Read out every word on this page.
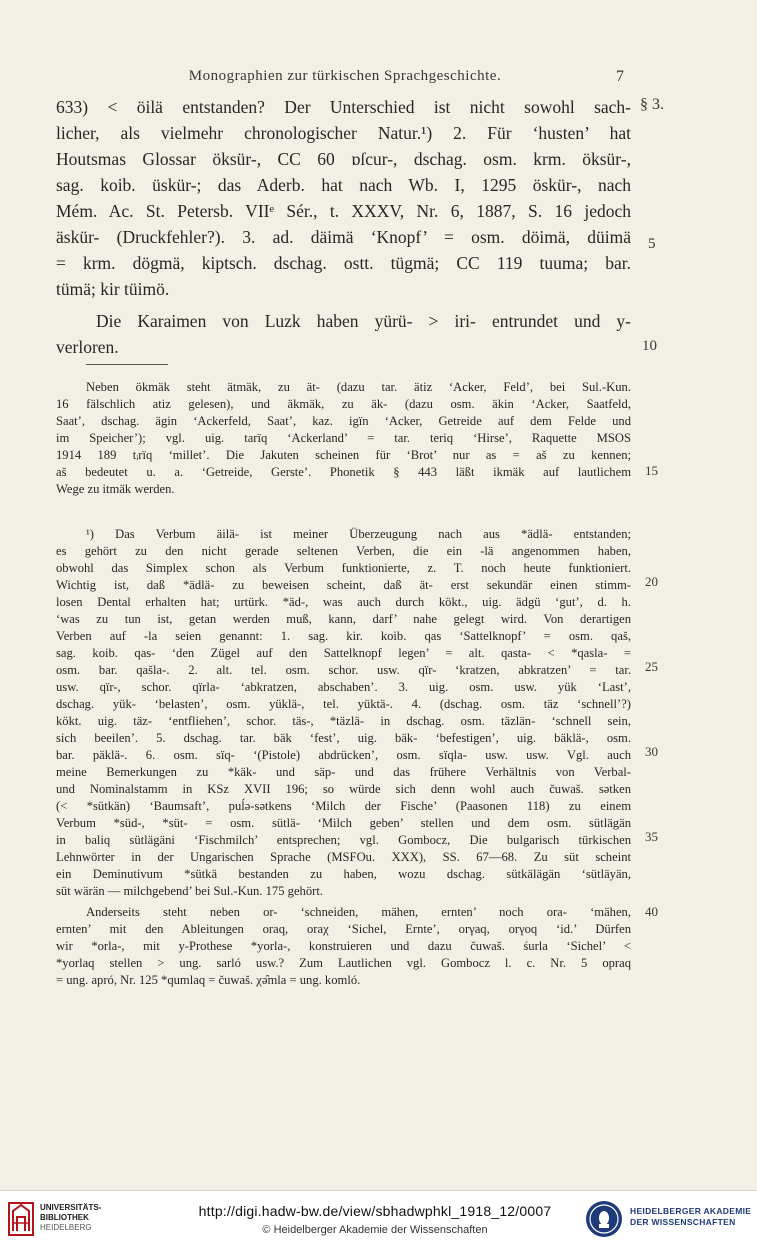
Monographien zur türkischen Sprachgeschichte.	7
§ 3.
633) < öilä entstanden? Der Unterschied ist nicht sowohl sach-
licher, als vielmehr chronologischer Natur.¹) 2. Für ‘husten’ hat
Houtsmas Glossar öksür-, CC 60 ɒſcur-, dschag. osm. krm. öksür-,
sag. koib. üskür-; das Aderb. hat nach Wb. I, 1295 öskür-, nach
Mém. Ac. St. Petersb. VIIᵉ Sér., t. XXXV, Nr. 6, 1887, S. 16 jedoch
äskür- (Druckfehler?). 3. ad. däimä ‘Knopf’ = osm. döimä, düimä
= krm. dögmä, kiptsch. dschag. ostt. tügmä; CC 119 tuuma; bar.
tümä; kir tüimö.
Die Karaimen von Luzk haben yürü- > iri- entrundet und y-
verloren.
5
10
Neben ökmäk steht ätmäk, zu ät- (dazu tar. ätiz ‘Acker, Feld’, bei Sul.-Kun.
16 fälschlich atiz gelesen), und äkmäk, zu äk- (dazu osm. äkin ‘Acker, Saatfeld,
Saat’, dschag. ägin ‘Ackerfeld, Saat’, kaz. igїn ‘Acker, Getreide auf dem Felde und
im Speicher’); vgl. uig. tarïq ‘Ackerland’ = tar. teriq ‘Hirse’, Raquette MSOS
1914 189 tᵢrïq ‘millet’. Die Jakuten scheinen für ‘Brot’ nur as = aš zu kennen;
aš bedeutet u. a. ‘Getreide, Gerste’. Phonetik § 443 läßt ikmäk auf lautlichem
Wege zu itmäk werden.
15
¹) Das Verbum äilä- ist meiner Überzeugung nach aus *ädlä- entstanden;
es gehört zu den nicht gerade seltenen Verben, die ein -lä angenommen haben,
obwohl das Simplex schon als Verbum funktionierte, z. T. noch heute funktioniert.
Wichtig ist, daß *ädlä- zu beweisen scheint, daß ät- erst sekundär einen stimm-
losen Dental erhalten hat; urtürk. *äd-, was auch durch kökt., uig. ädgü ‘gut’, d. h.
‘was zu tun ist, getan werden muß, kann, darf’ nahe gelegt wird. Von derartigen
Verben auf -la seien genannt: 1. sag. kir. koib. qas ‘Sattelknopf’ = osm. qaš,
sag. koib. qas- ‘den Zügel auf den Sattelknopf legen’ = alt. qasta- < *qasla- =
osm. bar. qašla-. 2. alt. tel. osm. schor. usw. qїr- ‘kratzen, abkratzen’ = tar.
usw. qїr-, schor. qїrla- ‘abkratzen, abschaben’. 3. uig. osm. usw. yük ‘Last’,
dschag. yük- ‘belasten’, osm. yüklä-, tel. yüktä-. 4. (dschag. osm. täz ‘schnell’?)
kökt. uig. täz- ‘entfliehen’, schor. täs-, *täzlä- in dschag. osm. täzlän- ‘schnell sein,
sich beeilen’. 5. dschag. tar. bäk ‘fest’, uig. bäk- ‘befestigen’, uig. bäklä-, osm.
bar. päklä-. 6. osm. sїq- ‘(Pistole) abdrücken’, osm. sїqla- usw. usw. Vgl. auch
meine Bemerkungen zu *käk- und säp- und das frühere Verhältnis von Verbal-
und Nominalstamm in KSz XVII 196; so würde sich denn wohl auch čuwaš. sətken
(< *sütkän) ‘Baumsaft’, puĺə-sətkens ‘Milch der Fische’ (Paasonen 118) zu einem
Verbum *süd-, *süt- = osm. sütlä- ‘Milch geben’ stellen und dem osm. sütlägän
in baliq sütlägäni ‘Fischmilch’ entsprechen; vgl. Gombocz, Die bulgarisch türkischen
Lehnwörter in der Ungarischen Sprache (MSFOu. XXX), SS. 67—68. Zu süt scheint
ein Deminutivum *sütkä bestanden zu haben, wozu dschag. sütkälägän ‘sütläyän,
süt wärän — milchgebend’ bei Sul.-Kun. 175 gehört.
Anderseits steht neben or- ‘schneiden, mähen, ernten’ noch ora- ‘mähen,
ernten’ mit den Ableitungen oraq, oraχ ‘Sichel, Ernte’, orγaq, orγoq ‘id.’ Dürfen
wir *orla-, mit y-Prothese *yorla-, konstruieren und dazu čuwaš. śurla ‘Sichel’ <
*yorlaq stellen > ung. sarló usw.? Zum Lautlichen vgl. Gombocz l. c. Nr. 5 opraq
= ung. apró, Nr. 125 *qumlaq = čuwaš. χə̑mla = ung. komló.
20
25
30
35
40
UNIVERSITÄTS-
BIBLIOTHEK
HEIDELBERG
http://digi.hadw-bw.de/view/sbhadwphkl_1918_12/0007
© Heidelberger Akademie der Wissenschaften
HEIDELBERGER AKADEMIE
DER WISSENSCHAFTEN
